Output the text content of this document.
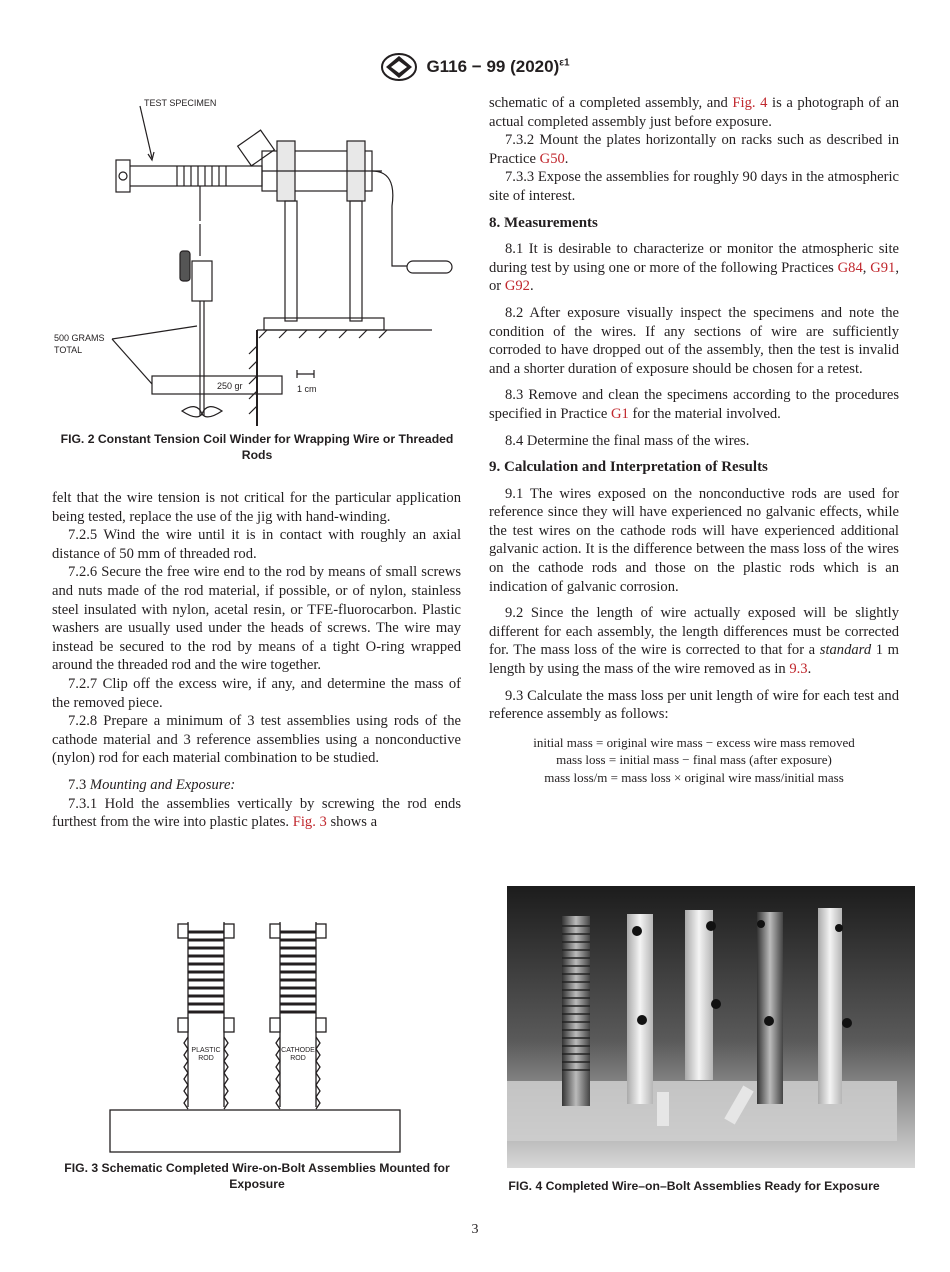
G116 − 99 $(2020)^{\varepsilon 1}$
TEST SPECIMEN
500 GRAMS
TOTAL
250 gr	1 cm
FIG. 2 Constant Tension Coil Winder for Wrapping Wire or Threaded Rods

felt that the wire tension is not critical for the particular application being tested, replace the use of the jig with hand-winding.

7.2.5 Wind the wire until it is in contact with roughly an axial distance of 50 mm of threaded rod.

7.2.6 Secure the free wire end to the rod by means of small screws and nuts made of the rod material, if possible, or of nylon, stainless steel insulated with nylon, acetal resin, or TFE-fluorocarbon. Plastic washers are usually used under the heads of screws. The wire may instead be secured to the rod by means of a tight O-ring wrapped around the threaded rod and the wire together.

7.2.7 Clip off the excess wire, if any, and determine the mass of the removed piece.

7.2.8 Prepare a minimum of 3 test assemblies using rods of the cathode material and 3 reference assemblies using a nonconductive (nylon) rod for each material combination to be studied.

7.3 Mounting and Exposure:

7.3.1 Hold the assemblies vertically by screwing the rod ends furthest from the wire into plastic plates. Fig. 3 shows a

PLASTIC
ROD
CATHODE
ROD
FIG. 3 Schematic Completed Wire-on-Bolt Assemblies Mounted for Exposure

schematic of a completed assembly, and Fig. 4 is a photograph of an actual completed assembly just before exposure.

7.3.2 Mount the plates horizontally on racks such as described in Practice G50.

7.3.3 Expose the assemblies for roughly 90 days in the atmospheric site of interest.

8. Measurements

8.1 It is desirable to characterize or monitor the atmospheric site during test by using one or more of the following Practices G84, G91, or G92.

8.2 After exposure visually inspect the specimens and note the condition of the wires. If any sections of wire are sufficiently corroded to have dropped out of the assembly, then the test is invalid and a shorter duration of exposure should be chosen for a retest.

8.3 Remove and clean the specimens according to the procedures specified in Practice G1 for the material involved.

8.4 Determine the final mass of the wires.

9. Calculation and Interpretation of Results

9.1 The wires exposed on the nonconductive rods are used for reference since they will have experienced no galvanic effects, while the test wires on the cathode rods will have experienced additional galvanic action. It is the difference between the mass loss of the wires on the cathode rods and those on the plastic rods which is an indication of galvanic corrosion.

9.2 Since the length of wire actually exposed will be slightly different for each assembly, the length differences must be corrected for. The mass loss of the wire is corrected to that for a standard 1 m length by using the mass of the wire removed as in 9.3.

9.3 Calculate the mass loss per unit length of wire for each test and reference assembly as follows:

initial mass = original wire mass − excess wire mass removed
mass loss = initial mass − final mass (after exposure)
mass loss/m = mass loss × original wire mass/initial mass
FIG. 4 Completed Wire–on–Bolt Assemblies Ready for Exposure
3
